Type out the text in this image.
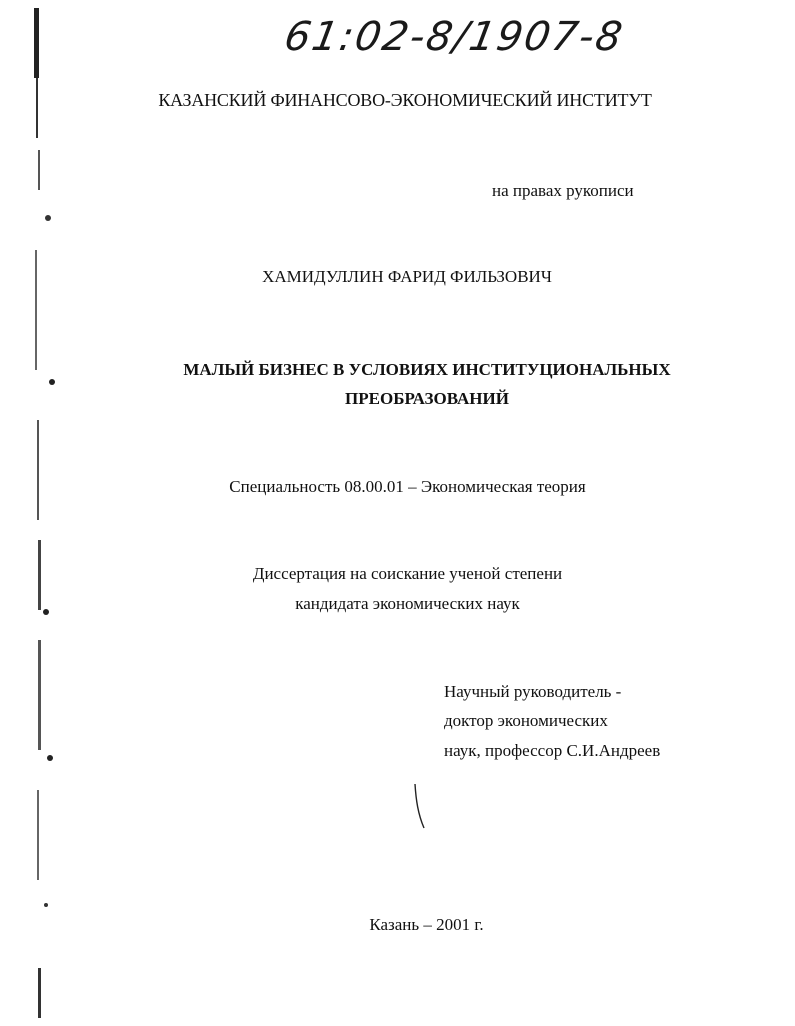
61:02-8/1907-8
КАЗАНСКИЙ ФИНАНСОВО-ЭКОНОМИЧЕСКИЙ ИНСТИТУТ
на правах рукописи
ХАМИДУЛЛИН ФАРИД ФИЛЬЗОВИЧ
МАЛЫЙ БИЗНЕС В УСЛОВИЯХ ИНСТИТУЦИОНАЛЬНЫХ
ПРЕОБРАЗОВАНИЙ
Специальность 08.00.01 – Экономическая теория
Диссертация на соискание ученой степени
кандидата экономических наук
Научный руководитель -
доктор экономических
наук, профессор С.И.Андреев
Казань – 2001 г.
